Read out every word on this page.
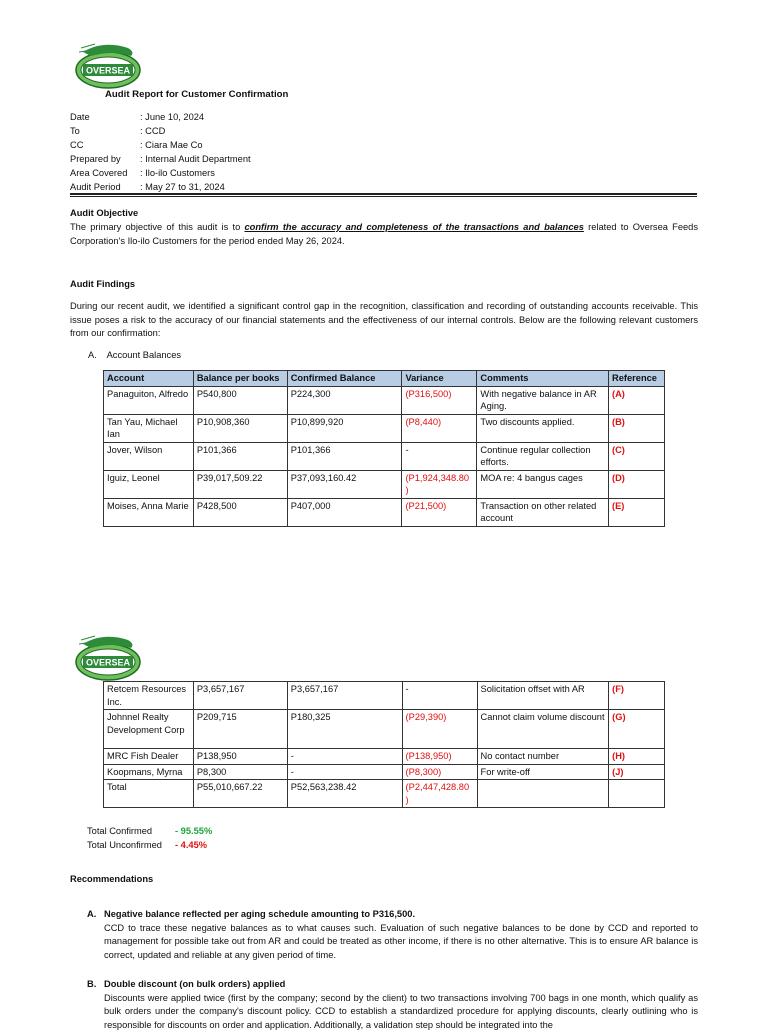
OVERSEA
Audit Report for Customer Confirmation
Date	: June 10, 2024
To	: CCD
CC	: Ciara Mae Co
Prepared by	: Internal Audit Department
Area Covered	: Ilo-ilo Customers
Audit Period	: May 27 to 31, 2024
Audit Objective
The primary objective of this audit is to confirm the accuracy and completeness of the transactions and balances related to Oversea Feeds Corporation's Ilo-ilo Customers for the period ended May 26, 2024.
Audit Findings
During our recent audit, we identified a significant control gap in the recognition, classification and recording of outstanding accounts receivable. This issue poses a risk to the accuracy of our financial statements and the effectiveness of our internal controls. Below are the following relevant customers from our confirmation:
A.    Account Balances
Account	Balance per books	Confirmed Balance	Variance	Comments	Reference
Panaguiton, Alfredo	P540,800	P224,300	(P316,500)	With negative balance in AR Aging.	(A)
Tan Yau, Michael Ian	P10,908,360	P10,899,920	(P8,440)	Two discounts applied.	(B)
Jover, Wilson	P101,366	P101,366	-	Continue regular collection efforts.	(C)
Iguiz, Leonel	P39,017,509.22	P37,093,160.42	(P1,924,348.80 )	MOA re: 4 bangus cages	(D)
Moises, Anna Marie	P428,500	P407,000	(P21,500)	Transaction on other related account	(E)
OVERSEA
Retcem Resources Inc.	P3,657,167	P3,657,167	-	Solicitation offset with AR	(F)
Johnnel Realty Development Corp	P209,715	P180,325	(P29,390)	Cannot claim volume discount	(G)
MRC Fish Dealer	P138,950	-	(P138,950)	No contact number	(H)
Koopmans, Myrna	P8,300	-	(P8,300)	For write-off	(J)
Total	P55,010,667.22	P52,563,238.42	(P2,447,428.80 )		
Total Confirmed - 95.55%
Total Unconfirmed - 4.45%
Recommendations
A. Negative balance reflected per aging schedule amounting to P316,500.
CCD to trace these negative balances as to what causes such. Evaluation of such negative balances to be done by CCD and reported to management for possible take out from AR and could be treated as other income, if there is no other alternative. This is to ensure AR balance is correct, updated and reliable at any given period of time.
B. Double discount (on bulk orders) applied
Discounts were applied twice (first by the company; second by the client) to two transactions involving 700 bags in one month, which qualify as bulk orders under the company's discount policy. CCD to establish a standardized procedure for applying discounts, clearly outlining who is responsible for discounts on order and application. Additionally, a validation step should be integrated into the
